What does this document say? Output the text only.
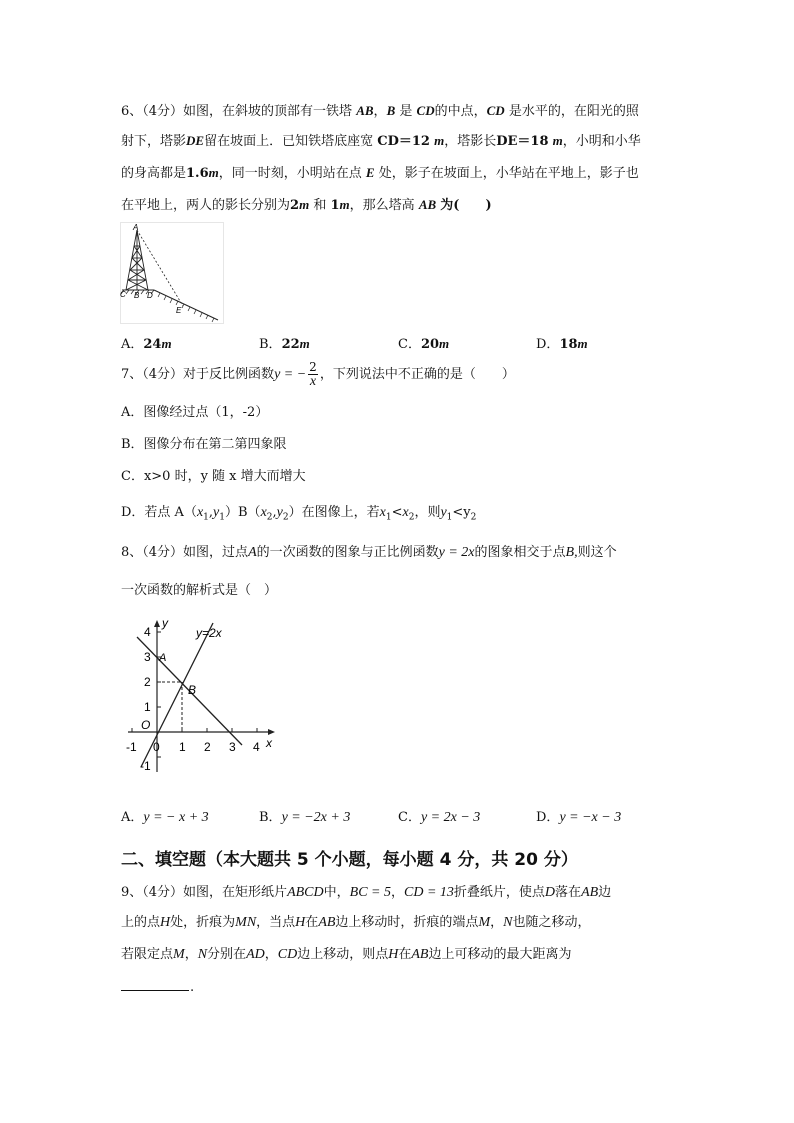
6、（4分）如图，在斜坡的顶部有一铁塔 AB，B 是 CD的中点，CD 是水平的，在阳光的照
射下，塔影DE留在坡面上．已知铁塔底座宽 CD＝12 m，塔影长DE＝18 m，小明和小华
的身高都是1.6m，同一时刻，小明站在点 E 处，影子在坡面上，小华站在平地上，影子也
在平地上，两人的影长分别为2m 和 1m，那么塔高 AB 为(　　)
A
C B D
E
A．24m	B．22m	C．20m	D．18m
7、（4分）对于反比例函数y = − $\frac{2}{x}$ ，下列说法中不正确的是（　　）
A．图像经过点（1，-2）
B．图像分布在第二第四象限
C．x>0 时，y 随 x 增大而增大
D．若点 $A(x_1,y_1)B(x_2,y_2)$在图像上，若$x_1<x_2$，则$y_1<y_2$
8、（4分）如图，过点A的一次函数的图象与正比例函数y = 2x的图象相交于点B,则这个
一次函数的解析式是（　）
y
x
y=2x
A
B
O
4
3
2
1
-1
-1 0 1 2 3 4
A．y = − x + 3	B．y = −2x + 3	C．y = 2x − 3	D．y = −x − 3
二、填空题（本大题共 5 个小题，每小题 4 分，共 20 分）
9、（4分）如图，在矩形纸片ABCD中，BC = 5，CD = 13折叠纸片，使点D落在AB边
上的点H处，折痕为MN，当点H在AB边上移动时，折痕的端点M，N也随之移动，
若限定点M，N分别在AD，CD边上移动，则点H在AB边上可移动的最大距离为
.
